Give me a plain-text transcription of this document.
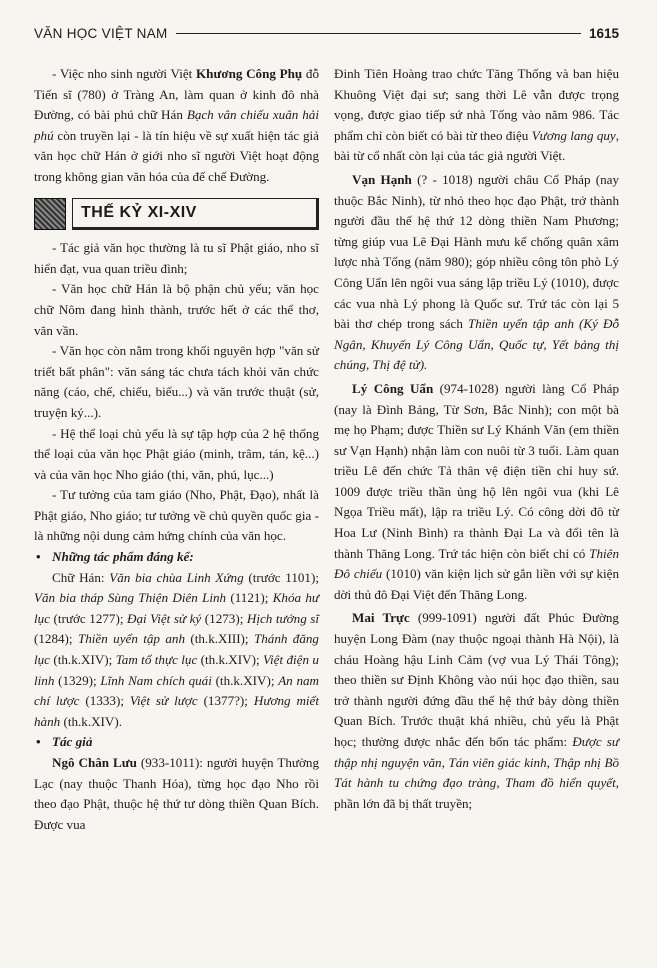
VĂN HỌC VIỆT NAM	1615

- Việc nho sinh người Việt Khương Công Phụ đỗ Tiến sĩ (780) ở Tràng An, làm quan ở kinh đô nhà Đường, có bài phú chữ Hán Bạch vân chiếu xuân hải phú còn truyền lại - là tín hiệu về sự xuất hiện tác giả văn học chữ Hán ở giới nho sĩ người Việt hoạt động trong không gian văn hóa của đế chế Đường.

THẾ KỶ XI-XIV

- Tác giả văn học thường là tu sĩ Phật giáo, nho sĩ hiển đạt, vua quan triều đình;

- Văn học chữ Hán là bộ phận chủ yếu; văn học chữ Nôm đang hình thành, trước hết ở các thể thơ, văn vần.

- Văn học còn nằm trong khối nguyên hợp "văn sử triết bất phân": văn sáng tác chưa tách khỏi văn chức năng (cáo, chế, chiếu, biểu...) và văn trước thuật (sử, truyện ký...).

- Hệ thể loại chủ yếu là sự tập hợp của 2 hệ thống thể loại của văn học Phật giáo (minh, trâm, tán, kệ...) và của văn học Nho giáo (thi, văn, phú, lục...)

- Tư tưởng của tam giáo (Nho, Phật, Đạo), nhất là Phật giáo, Nho giáo; tư tưởng về chủ quyền quốc gia - là những nội dung cảm hứng chính của văn học.

• Những tác phẩm đáng kể:

Chữ Hán: Văn bia chùa Linh Xứng (trước 1101); Văn bia tháp Sùng Thiện Diên Linh (1121); Khóa hư lục (trước 1277); Đại Việt sử ký (1273); Hịch tướng sĩ (1284); Thiền uyển tập anh (th.k.XIII); Thánh đăng lục (th.k.XIV); Tam tổ thực lục (th.k.XIV); Việt điện u linh (1329); Lĩnh Nam chích quái (th.k.XIV); An nam chí lược (1333); Việt sử lược (1377?); Hương miết hành (th.k.XIV).

• Tác giả

Ngô Chân Lưu (933-1011): người huyện Thường Lạc (nay thuộc Thanh Hóa), từng học đạo Nho rồi theo đạo Phật, thuộc hệ thứ tư dòng thiền Quan Bích. Được vua

Đinh Tiên Hoàng trao chức Tăng Thống và ban hiệu Khuông Việt đại sư; sang thời Lê vẫn được trọng vọng, được giao tiếp sứ nhà Tống vào năm 986. Tác phẩm chỉ còn biết có bài từ theo điệu Vương lang quy, bài từ cổ nhất còn lại của tác giả người Việt.

Vạn Hạnh (? - 1018) người châu Cổ Pháp (nay thuộc Bắc Ninh), từ nhỏ theo học đạo Phật, trở thành người đầu thế hệ thứ 12 dòng thiền Nam Phương; từng giúp vua Lê Đại Hành mưu kế chống quân xâm lược nhà Tống (năm 980); góp nhiều công tôn phò Lý Công Uẩn lên ngôi vua sáng lập triều Lý (1010), được các vua nhà Lý phong là Quốc sư. Trứ tác còn lại 5 bài thơ chép trong sách Thiền uyển tập anh (Ký Đỗ Ngân, Khuyến Lý Công Uẩn, Quốc tự, Yết bảng thị chúng, Thị đệ tử).

Lý Công Uẩn (974-1028) người làng Cổ Pháp (nay là Đình Bảng, Từ Sơn, Bắc Ninh); con một bà mẹ họ Phạm; được Thiền sư Lý Khánh Văn (em thiền sư Vạn Hạnh) nhận làm con nuôi từ 3 tuổi. Làm quan triều Lê đến chức Tả thân vệ điện tiền chỉ huy sứ. 1009 được triều thần ủng hộ lên ngôi vua (khi Lê Ngọa Triều mất), lập ra triều Lý. Có công dời đô từ Hoa Lư (Ninh Bình) ra thành Đại La và đổi tên là thành Thăng Long. Trứ tác hiện còn biết chỉ có Thiên Đô chiếu (1010) văn kiện lịch sử gắn liền với sự kiện dời thủ đô Đại Việt đến Thăng Long.

Mai Trực (999-1091) người đất Phúc Đường huyện Long Đàm (nay thuộc ngoại thành Hà Nội), là cháu Hoàng hậu Linh Cảm (vợ vua Lý Thái Tông); theo thiền sư Định Không vào núi học đạo thiền, sau trở thành người đứng đầu thế hệ thứ bảy dòng thiền Quan Bích. Trước thuật khá nhiều, chủ yếu là Phật học; thường được nhắc đến bốn tác phẩm: Được sư thập nhị nguyện văn, Tán viên giác kinh, Thập nhị Bồ Tát hành tu chứng đạo tràng, Tham đồ hiển quyết, phần lớn đã bị thất truyền;
